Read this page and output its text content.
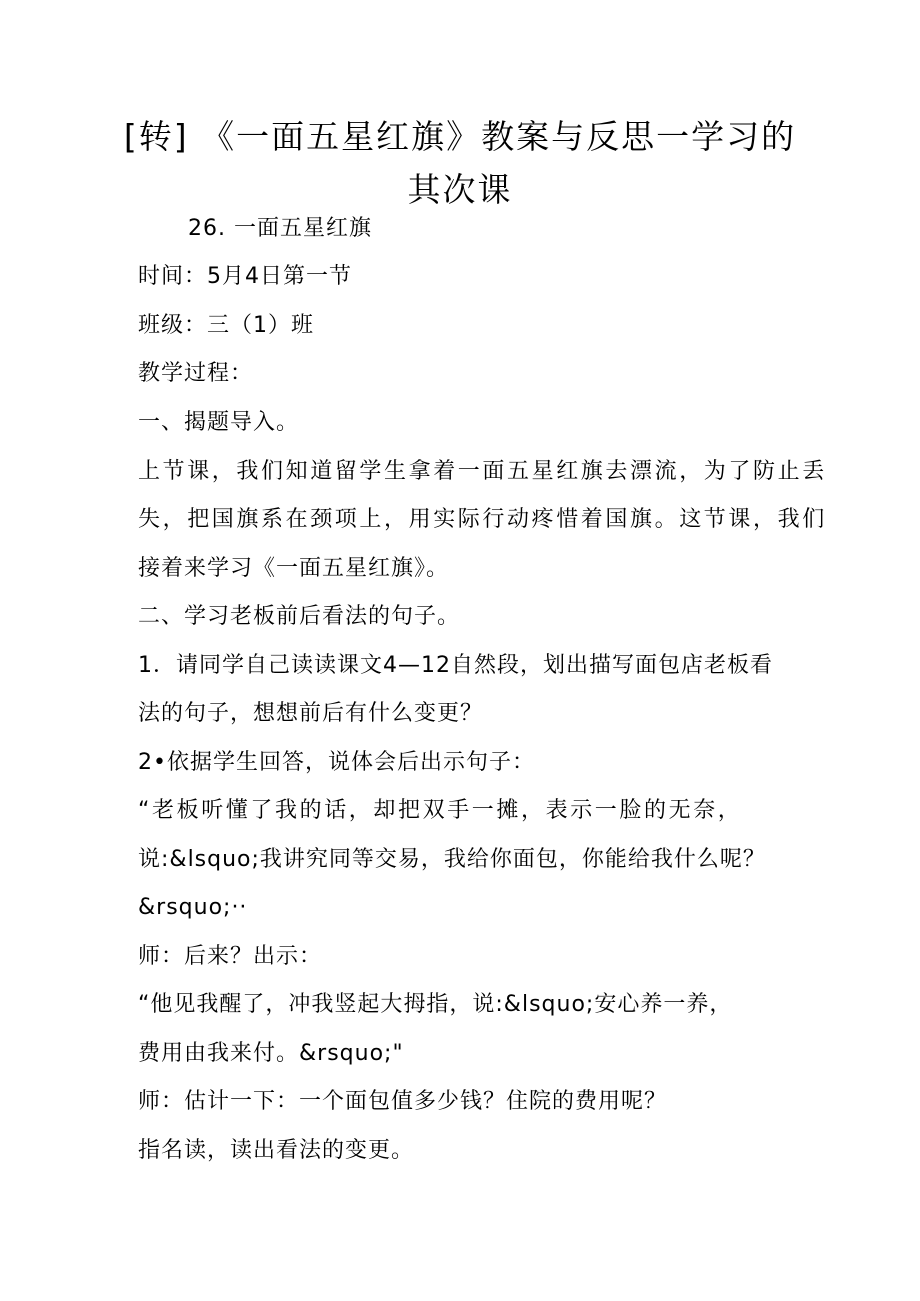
[转] 《一面五星红旗》教案与反思一学习的其次课
26. 一面五星红旗
时间：5月4日第一节
班级：三（1）班
教学过程：
一、揭题导入。
上节课，我们知道留学生拿着一面五星红旗去漂流，为了防止丢
失，把国旗系在颈项上，用实际行动疼惜着国旗。这节课，我们
接着来学习《一面五星红旗》。
二、学习老板前后看法的句子。
1．请同学自己读读课文4—12自然段，划出描写面包店老板看
法的句子，想想前后有什么变更？
2•依据学生回答，说体会后出示句子：
“老板听懂了我的话，却把双手一摊，表示一脸的无奈，
说:&lsquo;我讲究同等交易，我给你面包，你能给我什么呢？
&rsquo;··
师：后来？出示：
“他见我醒了，冲我竖起大拇指，说:&lsquo;安心养一养，
费用由我来付。&rsquo;"
师：估计一下：一个面包值多少钱？住院的费用呢？
指名读，读出看法的变更。
